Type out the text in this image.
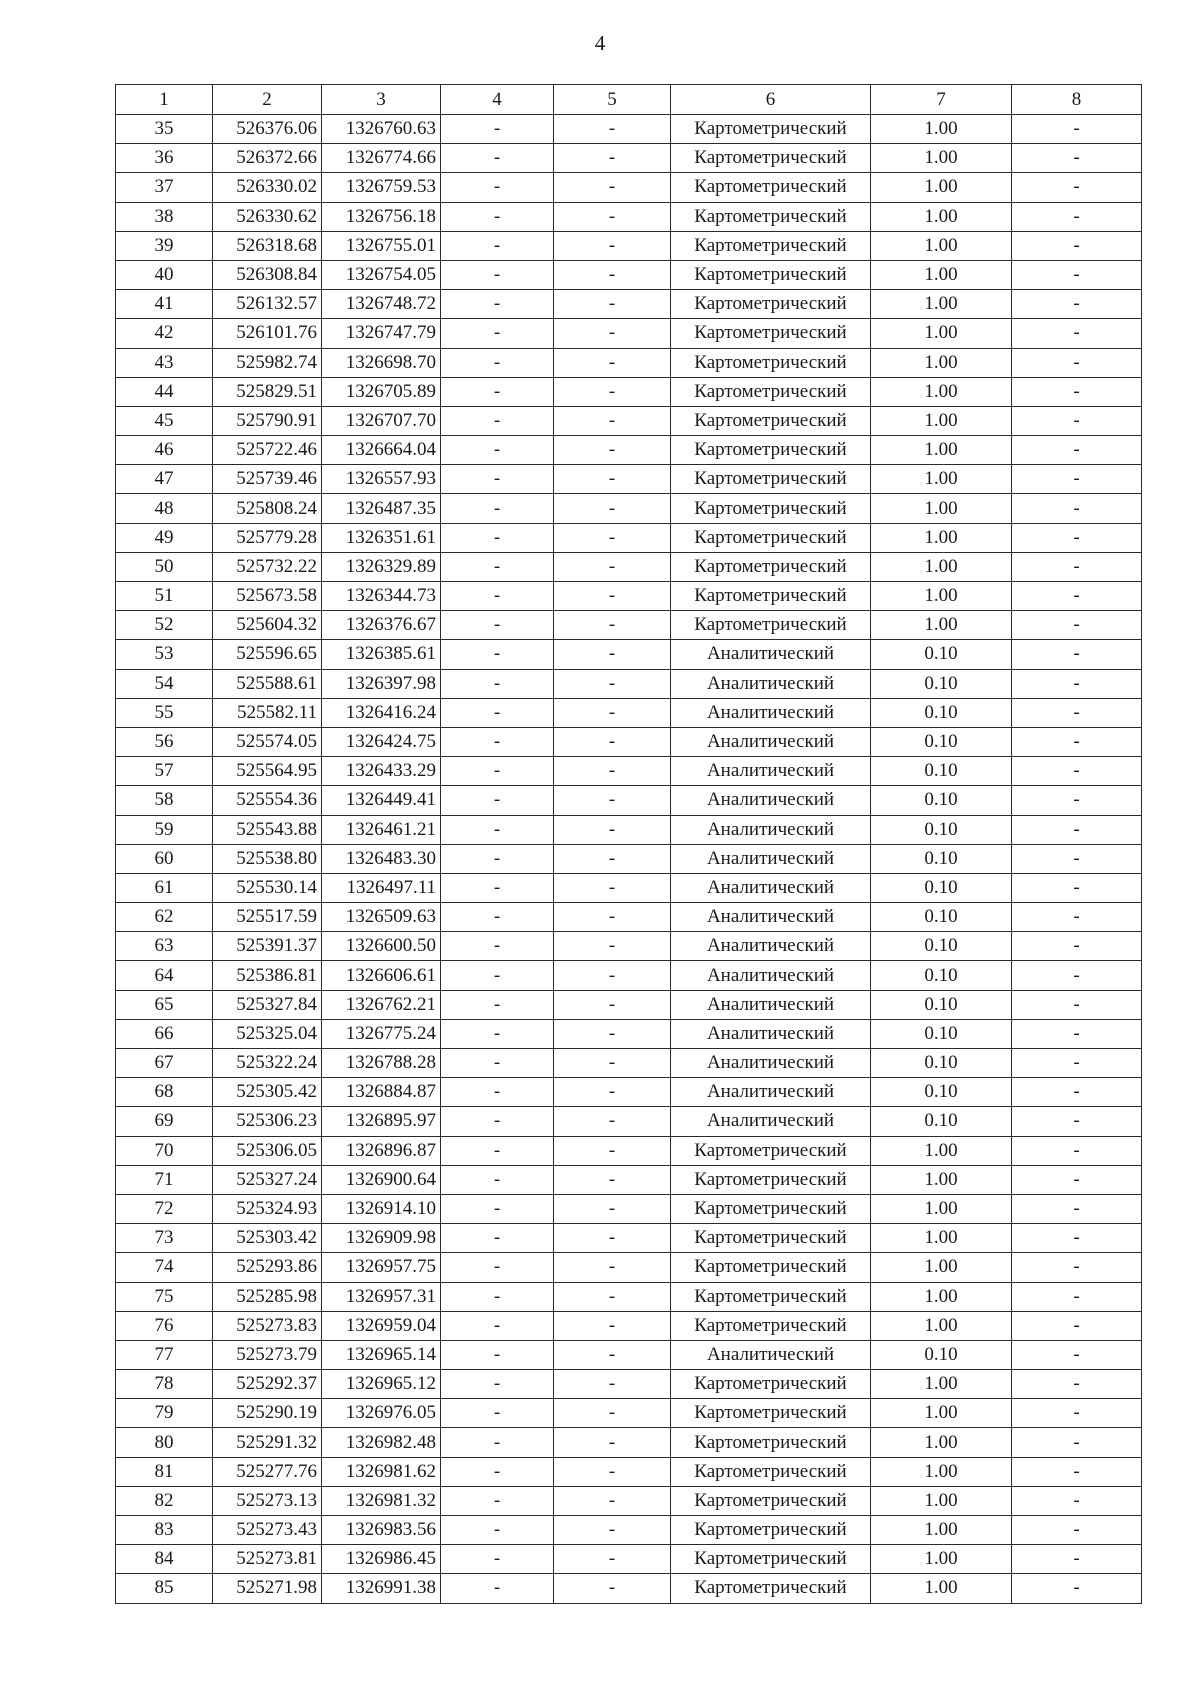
4
1	2	3	4	5	6	7	8
35	526376.06	1326760.63	-	-	Картометрический	1.00	-
36	526372.66	1326774.66	-	-	Картометрический	1.00	-
37	526330.02	1326759.53	-	-	Картометрический	1.00	-
38	526330.62	1326756.18	-	-	Картометрический	1.00	-
39	526318.68	1326755.01	-	-	Картометрический	1.00	-
40	526308.84	1326754.05	-	-	Картометрический	1.00	-
41	526132.57	1326748.72	-	-	Картометрический	1.00	-
42	526101.76	1326747.79	-	-	Картометрический	1.00	-
43	525982.74	1326698.70	-	-	Картометрический	1.00	-
44	525829.51	1326705.89	-	-	Картометрический	1.00	-
45	525790.91	1326707.70	-	-	Картометрический	1.00	-
46	525722.46	1326664.04	-	-	Картометрический	1.00	-
47	525739.46	1326557.93	-	-	Картометрический	1.00	-
48	525808.24	1326487.35	-	-	Картометрический	1.00	-
49	525779.28	1326351.61	-	-	Картометрический	1.00	-
50	525732.22	1326329.89	-	-	Картометрический	1.00	-
51	525673.58	1326344.73	-	-	Картометрический	1.00	-
52	525604.32	1326376.67	-	-	Картометрический	1.00	-
53	525596.65	1326385.61	-	-	Аналитический	0.10	-
54	525588.61	1326397.98	-	-	Аналитический	0.10	-
55	525582.11	1326416.24	-	-	Аналитический	0.10	-
56	525574.05	1326424.75	-	-	Аналитический	0.10	-
57	525564.95	1326433.29	-	-	Аналитический	0.10	-
58	525554.36	1326449.41	-	-	Аналитический	0.10	-
59	525543.88	1326461.21	-	-	Аналитический	0.10	-
60	525538.80	1326483.30	-	-	Аналитический	0.10	-
61	525530.14	1326497.11	-	-	Аналитический	0.10	-
62	525517.59	1326509.63	-	-	Аналитический	0.10	-
63	525391.37	1326600.50	-	-	Аналитический	0.10	-
64	525386.81	1326606.61	-	-	Аналитический	0.10	-
65	525327.84	1326762.21	-	-	Аналитический	0.10	-
66	525325.04	1326775.24	-	-	Аналитический	0.10	-
67	525322.24	1326788.28	-	-	Аналитический	0.10	-
68	525305.42	1326884.87	-	-	Аналитический	0.10	-
69	525306.23	1326895.97	-	-	Аналитический	0.10	-
70	525306.05	1326896.87	-	-	Картометрический	1.00	-
71	525327.24	1326900.64	-	-	Картометрический	1.00	-
72	525324.93	1326914.10	-	-	Картометрический	1.00	-
73	525303.42	1326909.98	-	-	Картометрический	1.00	-
74	525293.86	1326957.75	-	-	Картометрический	1.00	-
75	525285.98	1326957.31	-	-	Картометрический	1.00	-
76	525273.83	1326959.04	-	-	Картометрический	1.00	-
77	525273.79	1326965.14	-	-	Аналитический	0.10	-
78	525292.37	1326965.12	-	-	Картометрический	1.00	-
79	525290.19	1326976.05	-	-	Картометрический	1.00	-
80	525291.32	1326982.48	-	-	Картометрический	1.00	-
81	525277.76	1326981.62	-	-	Картометрический	1.00	-
82	525273.13	1326981.32	-	-	Картометрический	1.00	-
83	525273.43	1326983.56	-	-	Картометрический	1.00	-
84	525273.81	1326986.45	-	-	Картометрический	1.00	-
85	525271.98	1326991.38	-	-	Картометрический	1.00	-
